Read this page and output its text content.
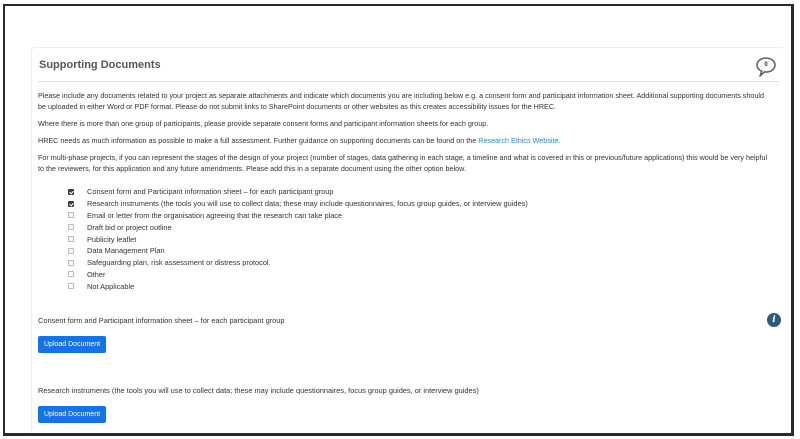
Supporting Documents	0
Please include any documents related to your project as separate attachments and indicate which documents you are including below e.g. a consent form and participant information sheet. Additional supporting documents should be uploaded in either Word or PDF format. Please do not submit links to SharePoint documents or other websites as this creates accessibility issues for the HREC.
Where there is more than one group of participants, please provide separate consent forms and participant information sheets for each group.
HREC needs as much information as possible to make a full assessment. Further guidance on supporting documents can be found on the Research Ethics Website.
For multi-phase projects, if you can represent the stages of the design of your project (number of stages, data gathering in each stage, a timeline and what is covered in this or previous/future applications) this would be very helpful to the reviewers, for this application and any future amendments. Please add this in a separate document using the other option below.
Consent form and Participant information sheet – for each participant group
Research instruments (the tools you will use to collect data; these may include questionnaires, focus group guides, or interview guides)
Email or letter from the organisation agreeing that the research can take place
Draft bid or project outline
Publicity leaflet
Data Management Plan
Safeguarding plan, risk assessment or distress protocol.
Other
Not Applicable
Consent form and Participant information sheet – for each participant group	i
Upload Document
Research instruments (the tools you will use to collect data; these may include questionnaires, focus group guides, or interview guides)
Upload Document
